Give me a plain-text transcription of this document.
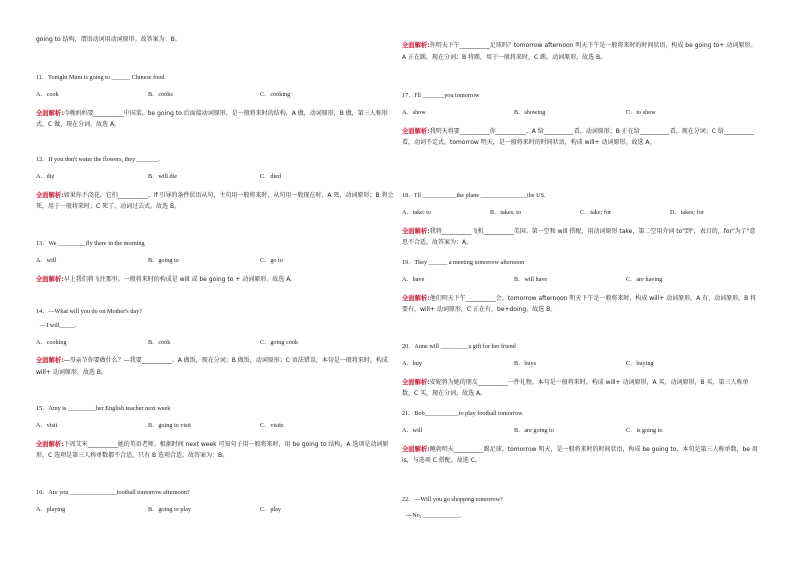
going to 结构，谓语动词用动词原形。故答案为：B。
11．Tonight Mum is going to ______ Chinese food
A．cook	B．cooks	C．cooking
全面解析:今晚妈妈要__________中国菜。be going to 后面接动词原形，是一般将来时的结构，A 做，动词原形，B 做，第三人称形式，C 做，现在分词，故选 A。
12．If you don't water the flowers, they _______.
A．die	B．will die	C．died
全面解析:如果你不浇花，它们__________。if 引导的条件状语从句，主句用一般将来时，从句用一般现在时，A 死，动词原形；B 将会死，用于一般将来时；C 死了，动词过去式。故选 B。
13．We _________fly there in the morning
A．will	B．going to	C．go to
全面解析:早上我们将飞往那里。一般将来时的构成是 will 或 be going to + 动词原形。故选 A。
14．—What will you do on Mother's day?
—I will_____.
A．cooking	B．cook	C．going cook
全面解析:—母亲节你要做什么？—我要__________。A 做饭，现在分词；B 做饭，动词原形；C 语法错误，本句是一般将来时，构成 will+ 动词原形，故选 B。
15．Amy is _________her English teacher next week
A．visit	B．going to visit	C．visits
全面解析:下周艾米__________她的英语老师。根据时间 next week 可知句子用一般将来时，用 be going to 结构，A 选项是动词原形，C 选项是第三人称单数都不合适。只有 B 选项合适。故答案为：B。
16．Are you _______________football tomorrow afternoon?
A．playing	B．going to play	C．play
全面解析:你明天下午__________足球吗？tomorrow afternoon 明天下午是一般将来时的时间状语，构成 be going to+ 动词原形。A 正在踢，现在分词；B 将踢，用于一般将来时，C 踢，动词原形，故选 B。
17．I'll _______you tomorrow
A．show	B．showing	C．to show
全面解析:我明天将要__________你__________。A 给__________看，动词原形；B 正在给__________看，现在分词；C 给__________看，动词不定式，tomorrow 明天，是一般将来时的时间状语，构成 will+ 动词原形。故选 A。
18．I'll ___________the plane _______________the US.
A．take; to	B．takes; to	C．take; for	D．takes; for
全面解析:我将__________飞机__________美国。第一空和 will 搭配，用动词原形 take，第二空用介词 to"到"，表目的，for"为了"意思不合适。故答案为：A。
19．They ______ a meeting tomorrow afternoon
A．have	B．will have	C．are having
全面解析:他们明天下午__________会。tomorrow afternoon 明天下午是一般将来时，构成 will+ 动词原形，A 有，动词原形，B 将要有，will+ 动词原形，C 正在有，be+doing。故选 B。
20．Anne will _________a gift for her friend
A．buy	B．buys	C．buying
全面解析:安妮将为她的朋友__________一件礼物。本句是一般将来时，构成 will+ 动词原形，A 买，动词原形，B 买，第三人称单数，C 买，现在分词，故选 A。
21．Bob___________to play football tomorrow.
A．will	B．are going to	C．is going to
全面解析:鲍勃明天__________踢足球。tomorrow 明天，是一般将来时的时间状语，构成 be going to，本句是第三人称单数，be 用 is，与选项 C 搭配。故选 C。
22．—Will you go shopping tomorrow?
—No, ____________.
